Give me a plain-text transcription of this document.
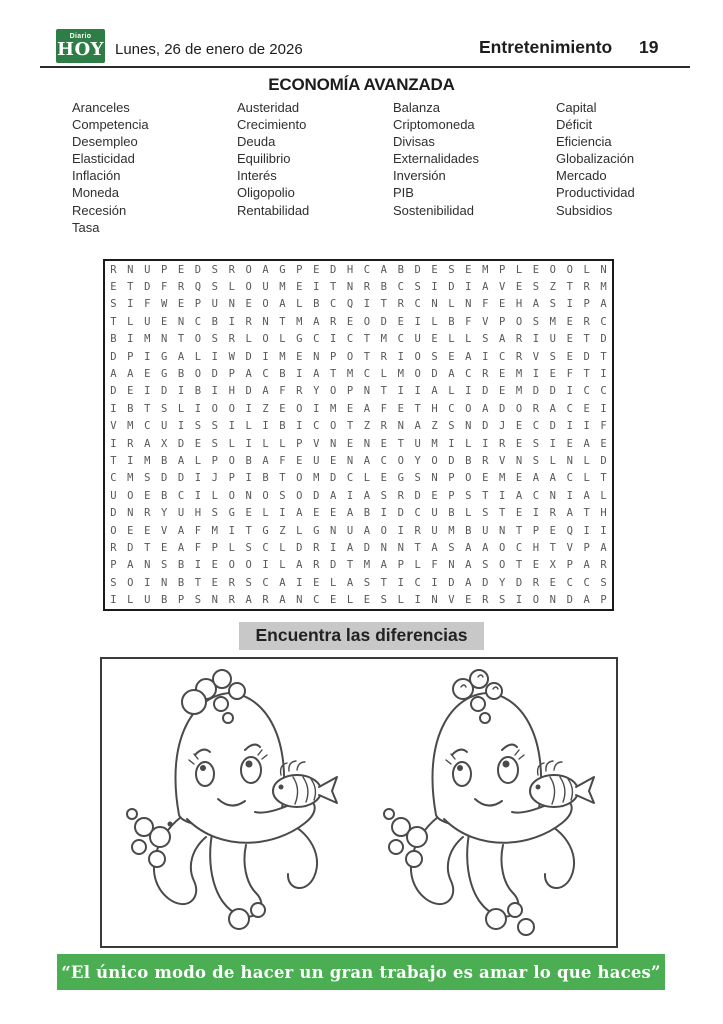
Diario
HOY Lunes, 26 de enero de 2026	Entretenimiento 19
ECONOMÍA AVANZADA
Aranceles
Competencia
Desempleo
Elasticidad
Inflación
Moneda
Recesión
Tasa
Austeridad
Crecimiento
Deuda
Equilibrio
Interés
Oligopolio
Rentabilidad
Balanza
Criptomoneda
Divisas
Externalidades
Inversión
PIB
Sostenibilidad
Capital
Déficit
Eficiencia
Globalización
Mercado
Productividad
Subsidios
R	N	U	P	E	D	S	R	O	A	G	P	E	D	H	C	A	B	D	E	S	E	M	P	L	E	O	O	L	N
E	T	D	F	R	Q	S	L	O	U	M	E	I	T	N	R	B	C	S	I	D	I	A	V	E	S	Z	T	R	M
S	I	F	W	E	P	U	N	E	O	A	L	B	C	Q	I	T	R	C	N	L	N	F	E	H	A	S	I	P	A
T	L	U	E	N	C	B	I	R	N	T	M	A	R	E	O	D	E	I	L	B	F	V	P	O	S	M	E	R	C
B	I	M	N	T	O	S	R	L	O	L	G	C	I	C	T	M	C	U	E	L	L	S	A	R	I	U	E	T	D
D	P	I	G	A	L	I	W	D	I	M	E	N	P	O	T	R	I	O	S	E	A	I	C	R	V	S	E	D	T
A	A	E	G	B	O	D	P	A	C	B	I	A	T	M	C	L	M	O	D	A	C	R	E	M	I	E	F	T	I
D	E	I	D	I	B	I	H	D	A	F	R	Y	O	P	N	T	I	I	A	L	I	D	E	M	D	D	I	C	C
I	B	T	S	L	I	O	O	I	Z	E	O	I	M	E	A	F	E	T	H	C	O	A	D	O	R	A	C	E	I
V	M	C	U	I	S	S	I	L	I	B	I	C	O	T	Z	R	N	A	Z	S	N	D	J	E	C	D	I	I	F
I	R	A	X	D	E	S	L	I	L	L	P	V	N	E	N	E	T	U	M	I	L	I	R	E	S	I	E	A	E
T	I	M	B	A	L	P	O	B	A	F	E	U	E	N	A	C	O	Y	O	D	B	R	V	N	S	L	N	L	D
C	M	S	D	D	I	J	P	I	B	T	O	M	D	C	L	E	G	S	N	P	O	E	M	E	A	A	C	L	T
U	O	E	B	C	I	L	O	N	O	S	O	D	A	I	A	S	R	D	E	P	S	T	I	A	C	N	I	A	L
D	N	R	Y	U	H	S	G	E	L	I	A	E	E	A	B	I	D	C	U	B	L	S	T	E	I	R	A	T	H
O	E	E	V	A	F	M	I	T	G	Z	L	G	N	U	A	O	I	R	U	M	B	U	N	T	P	E	Q	I	I
R	D	T	E	A	F	P	L	S	C	L	D	R	I	A	D	N	N	T	A	S	A	A	O	C	H	T	V	P	A
P	A	N	S	B	I	E	O	O	I	L	A	R	D	T	M	A	P	L	F	N	A	S	O	T	E	X	P	A	R
S	O	I	N	B	T	E	R	S	C	A	I	E	L	A	S	T	I	C	I	D	A	D	Y	D	R	E	C	C	S
I	L	U	B	P	S	N	R	A	R	A	N	C	E	L	E	S	L	I	N	V	E	R	S	I	O	N	D	A	P
Encuentra las diferencias
“El único modo de hacer un gran trabajo es amar lo que haces”
